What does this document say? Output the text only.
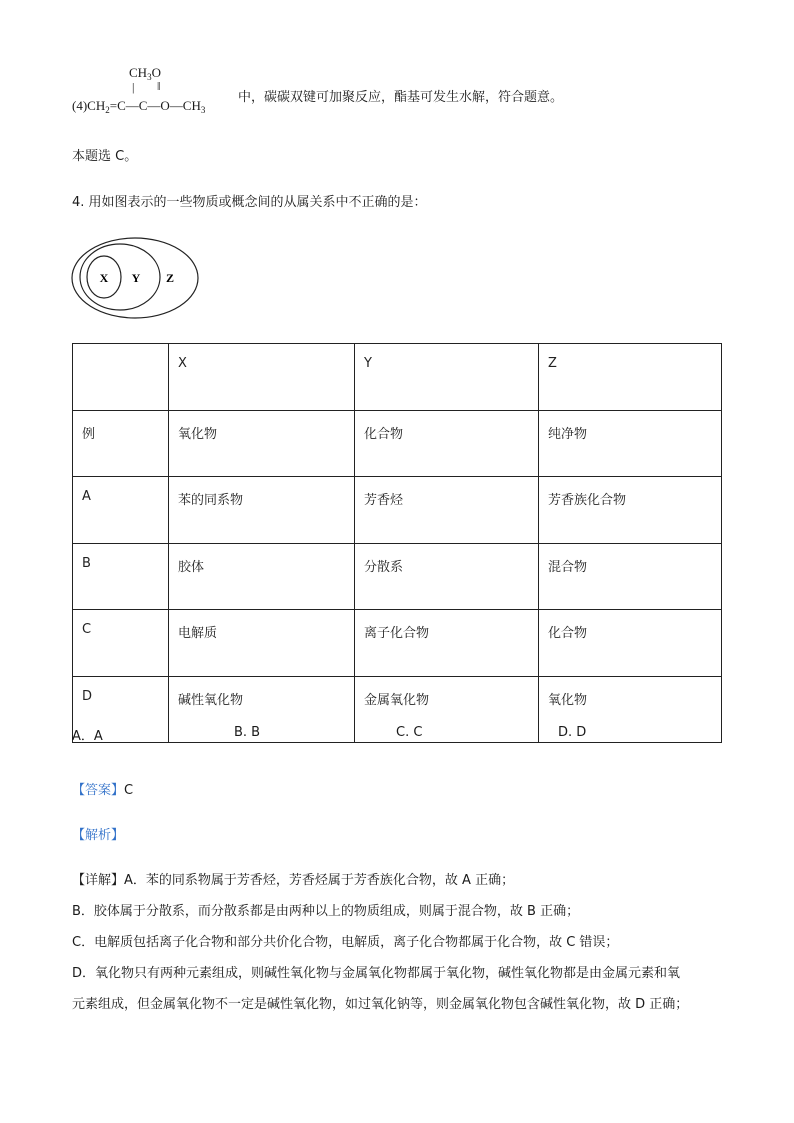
$CH_3O$
| ‖
$(4)CH_2=C—C—O—CH_3$
中，碳碳双键可加聚反应，酯基可发生水解，符合题意。
本题选 C。
4. 用如图表示的一些物质或概念间的从属关系中不正确的是：
X Y Z
	X	Y	Z
例	氧化物	化合物	纯净物
A	苯的同系物	芳香烃	芳香族化合物
B	胶体	分散系	混合物
C	电解质	离子化合物	化合物
D	碱性氧化物	金属氧化物	氧化物
A．A	B. B	C. C	D. D
【答案】C
【解析】
【详解】A．苯的同系物属于芳香烃，芳香烃属于芳香族化合物，故 A 正确；
B．胶体属于分散系，而分散系都是由两种以上的物质组成，则属于混合物，故 B 正确；
C．电解质包括离子化合物和部分共价化合物，电解质，离子化合物都属于化合物，故 C 错误；
D．氧化物只有两种元素组成，则碱性氧化物与金属氧化物都属于氧化物，碱性氧化物都是由金属元素和氧
元素组成，但金属氧化物不一定是碱性氧化物，如过氧化钠等，则金属氧化物包含碱性氧化物，故 D 正确；
